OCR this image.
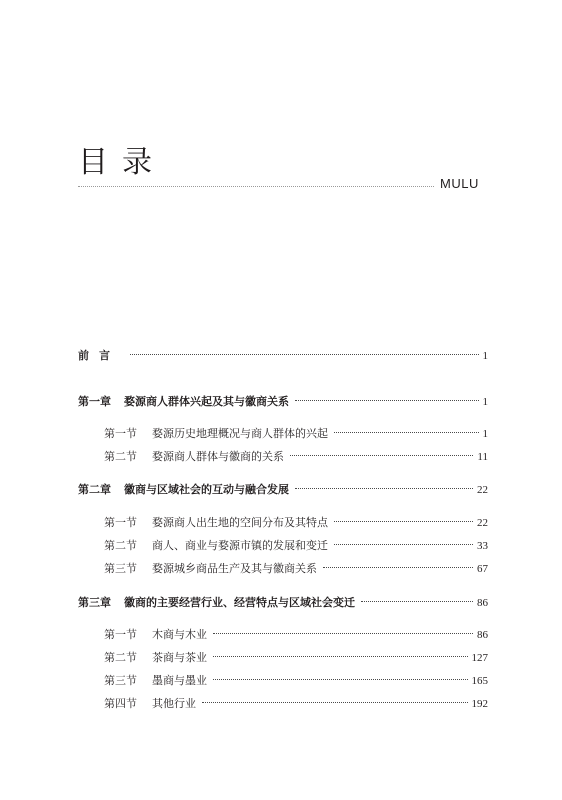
目录
MULU
前言	1
第一章	婺源商人群体兴起及其与徽商关系	1
第一节	婺源历史地理概况与商人群体的兴起	1
第二节	婺源商人群体与徽商的关系	11
第二章	徽商与区域社会的互动与融合发展	22
第一节	婺源商人出生地的空间分布及其特点	22
第二节	商人、商业与婺源市镇的发展和变迁	33
第三节	婺源城乡商品生产及其与徽商关系	67
第三章	徽商的主要经营行业、经营特点与区域社会变迁	86
第一节	木商与木业	86
第二节	茶商与茶业	127
第三节	墨商与墨业	165
第四节	其他行业	192
